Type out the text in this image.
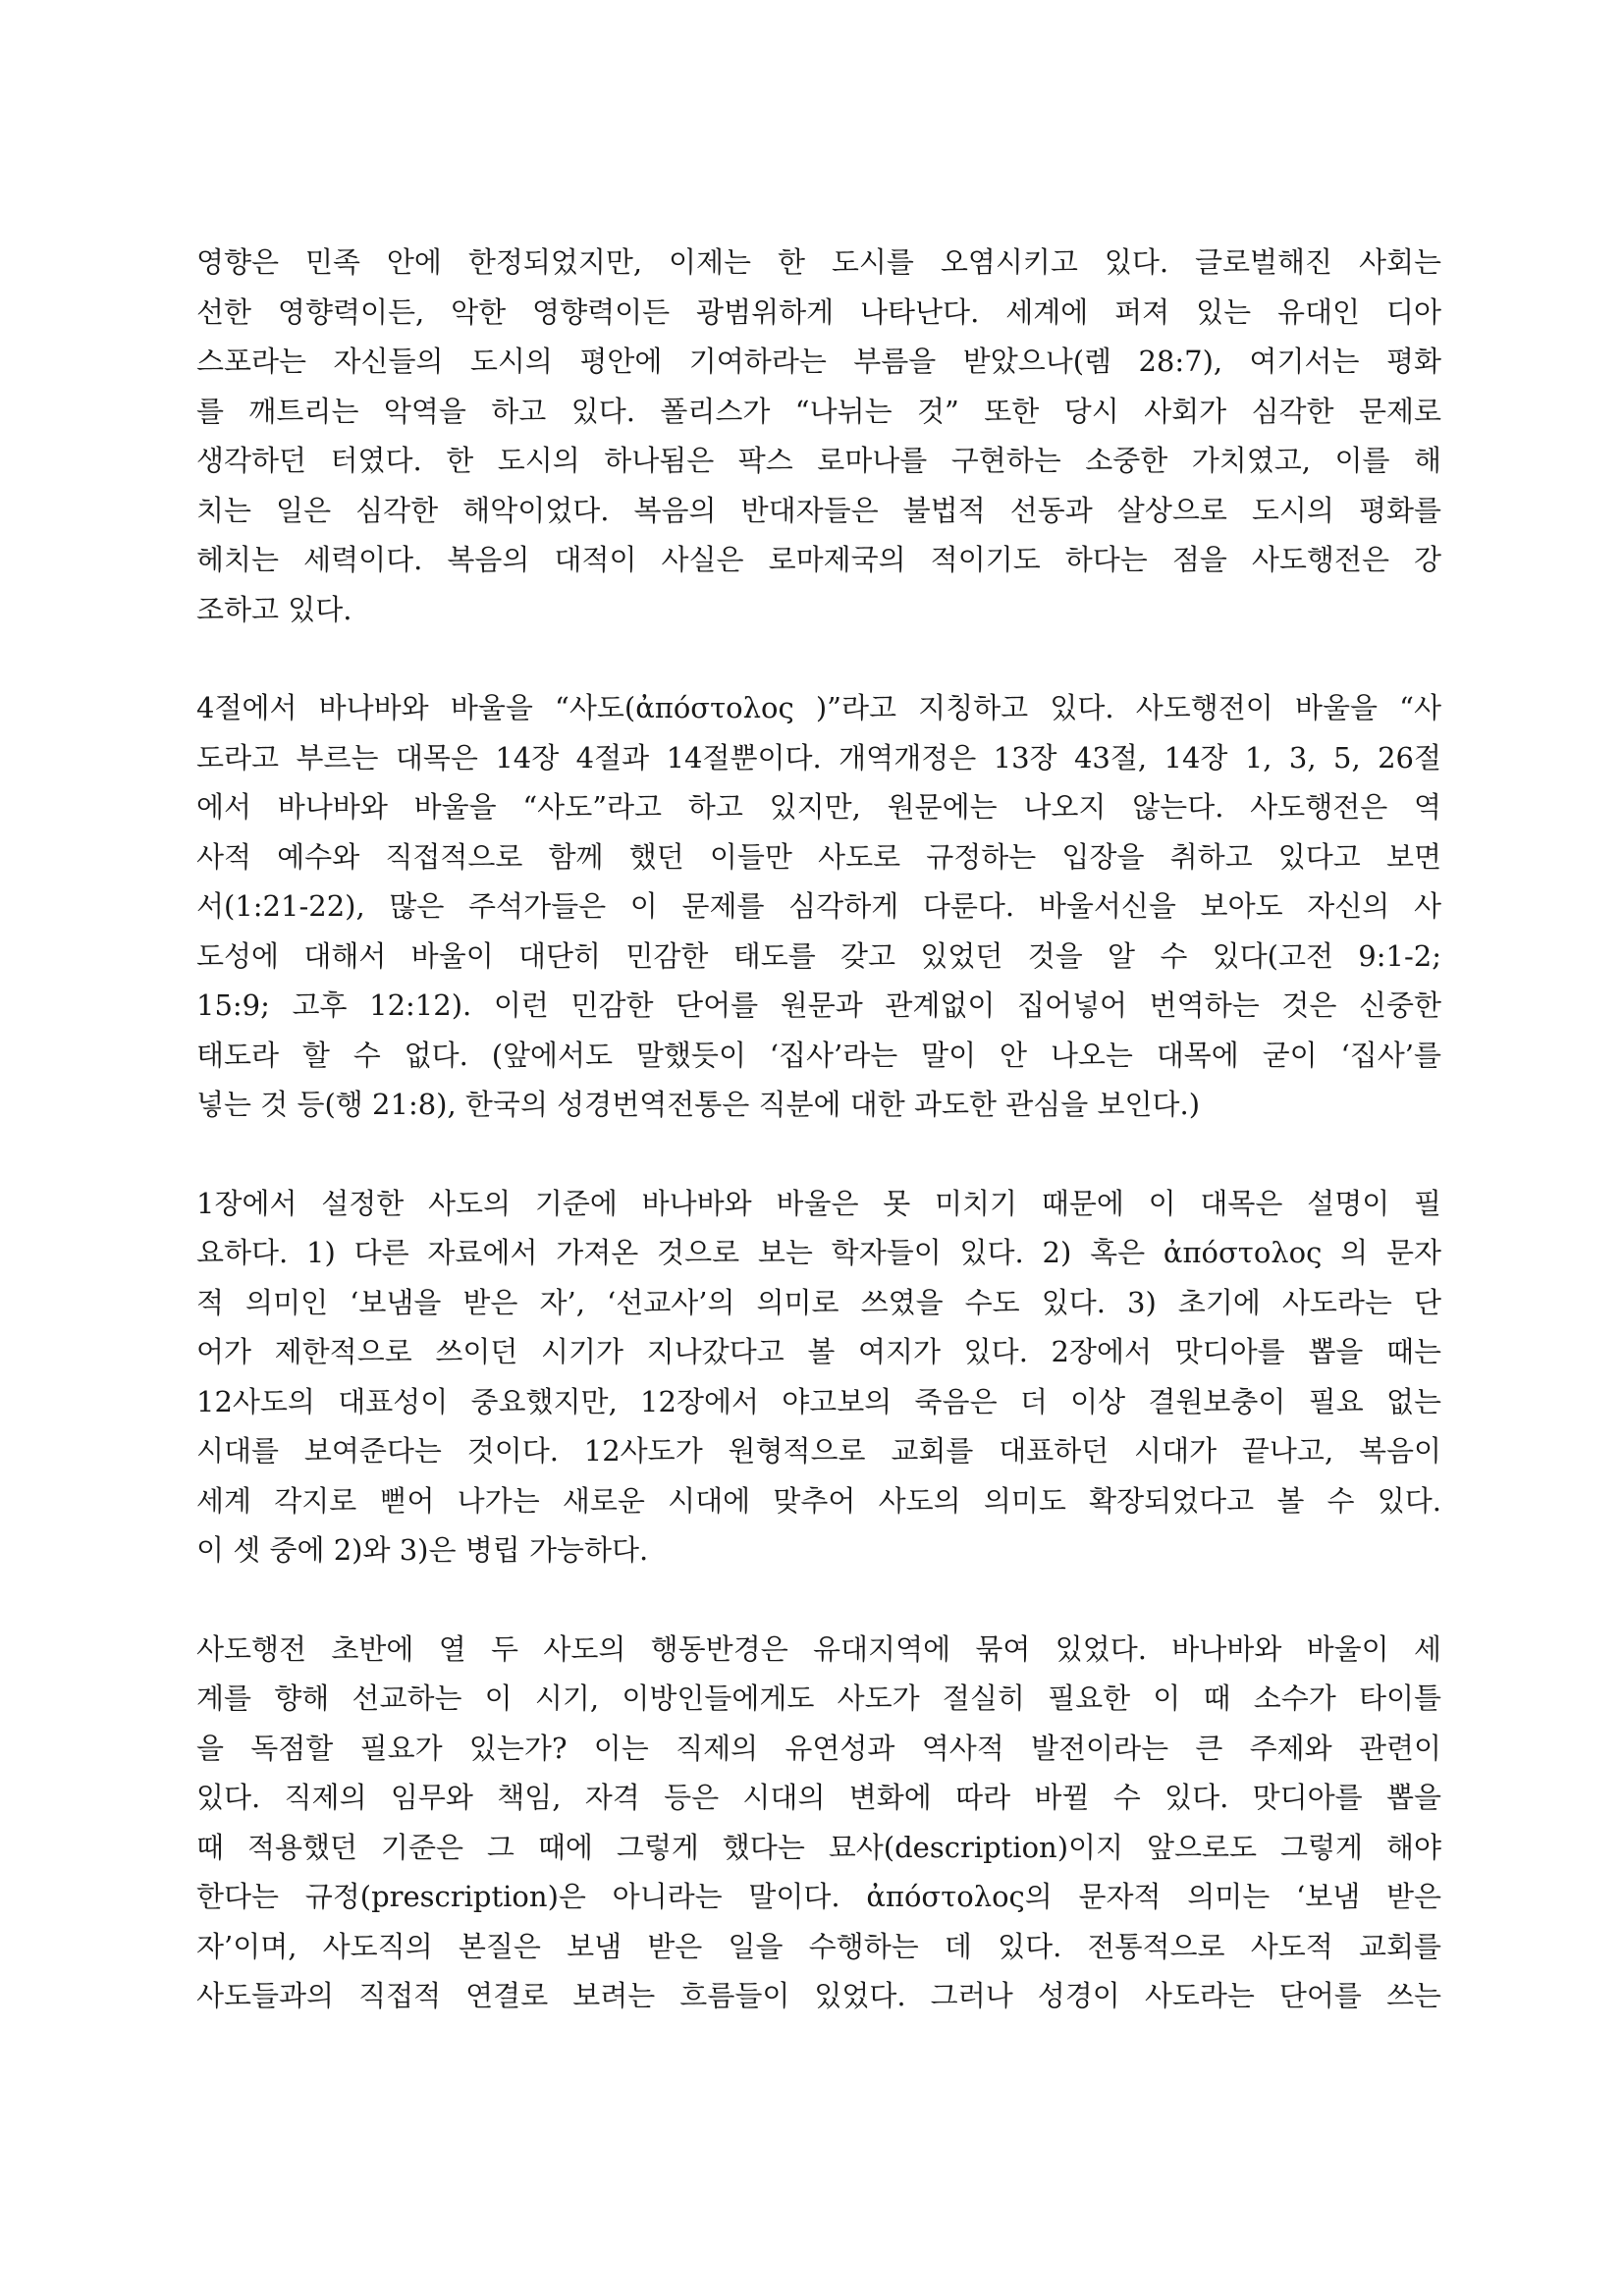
영향은 민족 안에 한정되었지만, 이제는 한 도시를 오염시키고 있다. 글로벌해진 사회는
선한 영향력이든, 악한 영향력이든 광범위하게 나타난다. 세계에 퍼져 있는 유대인 디아
스포라는 자신들의 도시의 평안에 기여하라는 부름을 받았으나(렘 28:7), 여기서는 평화
를 깨트리는 악역을 하고 있다. 폴리스가 “나뉘는 것” 또한 당시 사회가 심각한 문제로
생각하던 터였다. 한 도시의 하나됨은 팍스 로마나를 구현하는 소중한 가치였고, 이를 해
치는 일은 심각한 해악이었다. 복음의 반대자들은 불법적 선동과 살상으로 도시의 평화를
헤치는 세력이다. 복음의 대적이 사실은 로마제국의 적이기도 하다는 점을 사도행전은 강
조하고 있다.
4절에서 바나바와 바울을 “사도(ἀπόστολος )”라고 지칭하고 있다. 사도행전이 바울을 “사
도라고 부르는 대목은 14장 4절과 14절뿐이다. 개역개정은 13장 43절, 14장 1, 3, 5, 26절
에서 바나바와 바울을 “사도”라고 하고 있지만, 원문에는 나오지 않는다. 사도행전은 역
사적 예수와 직접적으로 함께 했던 이들만 사도로 규정하는 입장을 취하고 있다고 보면
서(1:21-22), 많은 주석가들은 이 문제를 심각하게 다룬다. 바울서신을 보아도 자신의 사
도성에 대해서 바울이 대단히 민감한 태도를 갖고 있었던 것을 알 수 있다(고전 9:1-2;
15:9; 고후 12:12). 이런 민감한 단어를 원문과 관계없이 집어넣어 번역하는 것은 신중한
태도라 할 수 없다. (앞에서도 말했듯이 ‘집사’라는 말이 안 나오는 대목에 굳이 ‘집사’를
넣는 것 등(행 21:8), 한국의 성경번역전통은 직분에 대한 과도한 관심을 보인다.)
1장에서 설정한 사도의 기준에 바나바와 바울은 못 미치기 때문에 이 대목은 설명이 필
요하다. 1) 다른 자료에서 가져온 것으로 보는 학자들이 있다. 2) 혹은 ἀπόστολος 의 문자
적 의미인 ‘보냄을 받은 자’, ‘선교사’의 의미로 쓰였을 수도 있다. 3) 초기에 사도라는 단
어가 제한적으로 쓰이던 시기가 지나갔다고 볼 여지가 있다. 2장에서 맛디아를 뽑을 때는
12사도의 대표성이 중요했지만, 12장에서 야고보의 죽음은 더 이상 결원보충이 필요 없는
시대를 보여준다는 것이다. 12사도가 원형적으로 교회를 대표하던 시대가 끝나고, 복음이
세계 각지로 뻗어 나가는 새로운 시대에 맞추어 사도의 의미도 확장되었다고 볼 수 있다.
이 셋 중에 2)와 3)은 병립 가능하다.
사도행전 초반에 열 두 사도의 행동반경은 유대지역에 묶여 있었다. 바나바와 바울이 세
계를 향해 선교하는 이 시기, 이방인들에게도 사도가 절실히 필요한 이 때 소수가 타이틀
을 독점할 필요가 있는가? 이는 직제의 유연성과 역사적 발전이라는 큰 주제와 관련이
있다. 직제의 임무와 책임, 자격 등은 시대의 변화에 따라 바뀔 수 있다. 맛디아를 뽑을
때 적용했던 기준은 그 때에 그렇게 했다는 묘사(description)이지 앞으로도 그렇게 해야
한다는 규정(prescription)은 아니라는 말이다. ἀπόστολος의 문자적 의미는 ‘보냄 받은
자’이며, 사도직의 본질은 보냄 받은 일을 수행하는 데 있다. 전통적으로 사도적 교회를
사도들과의 직접적 연결로 보려는 흐름들이 있었다. 그러나 성경이 사도라는 단어를 쓰는
